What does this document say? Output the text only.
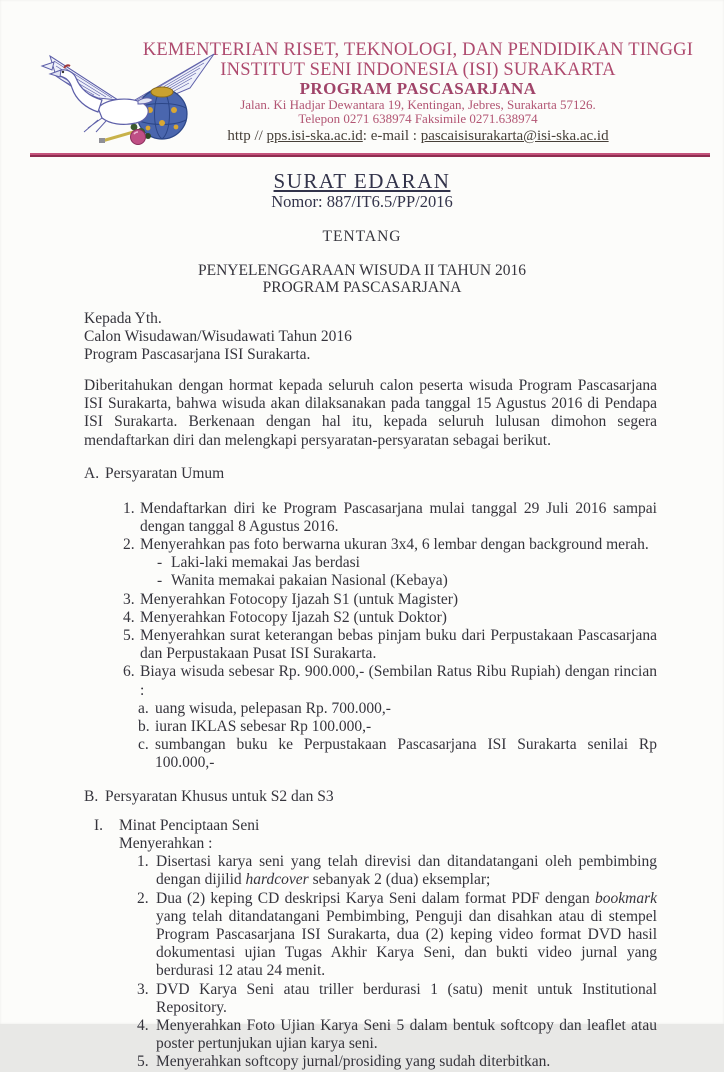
KEMENTERIAN RISET, TEKNOLOGI, DAN PENDIDIKAN TINGGI
INSTITUT SENI INDONESIA (ISI) SURAKARTA
PROGRAM PASCASARJANA
Jalan. Ki Hadjar Dewantara 19, Kentingan, Jebres, Surakarta 57126.
Telepon 0271 638974 Faksimile 0271.638974
http // pps.isi-ska.ac.id: e-mail : pascaisisurakarta@isi-ska.ac.id
SURAT EDARAN
Nomor: 887/IT6.5/PP/2016
TENTANG
PENYELENGGARAAN WISUDA II TAHUN 2016
PROGRAM PASCASARJANA
Kepada Yth.
Calon Wisudawan/Wisudawati Tahun 2016
Program Pascasarjana ISI Surakarta.

Diberitahukan dengan hormat kepada seluruh calon peserta wisuda Program Pascasarjana ISI Surakarta, bahwa wisuda akan dilaksanakan pada tanggal 15 Agustus 2016 di Pendapa ISI Surakarta. Berkenaan dengan hal itu, kepada seluruh lulusan dimohon segera mendaftarkan diri dan melengkapi persyaratan-persyaratan sebagai berikut.

A. Persyaratan Umum
1. Mendaftarkan diri ke Program Pascasarjana mulai tanggal 29 Juli 2016 sampai dengan tanggal 8 Agustus 2016.
2. Menyerahkan pas foto berwarna ukuran 3x4, 6 lembar dengan background merah.
- Laki-laki memakai Jas berdasi
- Wanita memakai pakaian Nasional (Kebaya)
3. Menyerahkan Fotocopy Ijazah S1 (untuk Magister)
4. Menyerahkan Fotocopy Ijazah S2 (untuk Doktor)
5. Menyerahkan surat keterangan bebas pinjam buku dari Perpustakaan Pascasarjana dan Perpustakaan Pusat ISI Surakarta.
6. Biaya wisuda sebesar Rp. 900.000,- (Sembilan Ratus Ribu Rupiah) dengan rincian :
a. uang wisuda, pelepasan Rp. 700.000,-
b. iuran IKLAS sebesar Rp 100.000,-
c. sumbangan buku ke Perpustakaan Pascasarjana ISI Surakarta senilai Rp 100.000,-
B. Persyaratan Khusus untuk S2 dan S3
I.	Minat Penciptaan Seni
Menyerahkan :
1. Disertasi karya seni yang telah direvisi dan ditandatangani oleh pembimbing dengan dijilid hardcover sebanyak 2 (dua) eksemplar;
2. Dua (2) keping CD deskripsi Karya Seni dalam format PDF dengan bookmark yang telah ditandatangani Pembimbing, Penguji dan disahkan atau di stempel Program Pascasarjana ISI Surakarta, dua (2) keping video format DVD hasil dokumentasi ujian Tugas Akhir Karya Seni, dan bukti video jurnal yang berdurasi 12 atau 24 menit.
3. DVD Karya Seni atau triller berdurasi 1 (satu) menit untuk Institutional Repository.
4. Menyerahkan Foto Ujian Karya Seni 5 dalam bentuk softcopy dan leaflet atau poster pertunjukan ujian karya seni.
5. Menyerahkan softcopy jurnal/prosiding yang sudah diterbitkan.
